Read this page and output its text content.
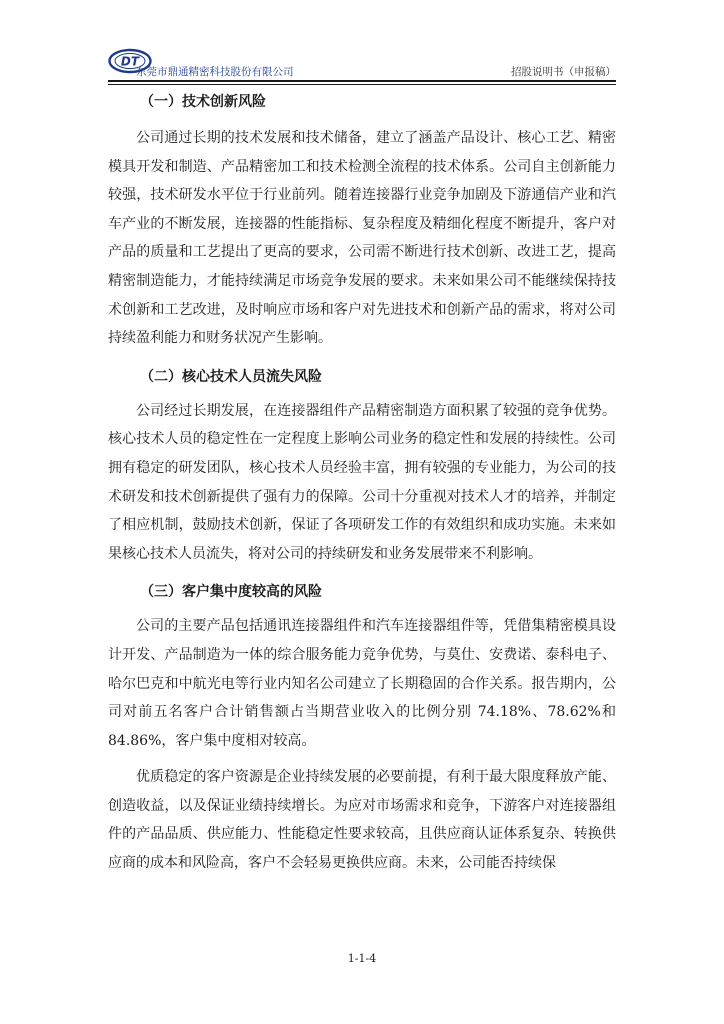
DT
东莞市鼎通精密科技股份有限公司	招股说明书（申报稿）
（一）技术创新风险

公司通过长期的技术发展和技术储备，建立了涵盖产品设计、核心工艺、精密模具开发和制造、产品精密加工和技术检测全流程的技术体系。公司自主创新能力较强，技术研发水平位于行业前列。随着连接器行业竞争加剧及下游通信产业和汽车产业的不断发展，连接器的性能指标、复杂程度及精细化程度不断提升，客户对产品的质量和工艺提出了更高的要求，公司需不断进行技术创新、改进工艺，提高精密制造能力，才能持续满足市场竞争发展的要求。未来如果公司不能继续保持技术创新和工艺改进，及时响应市场和客户对先进技术和创新产品的需求，将对公司持续盈利能力和财务状况产生影响。

（二）核心技术人员流失风险

公司经过长期发展，在连接器组件产品精密制造方面积累了较强的竞争优势。核心技术人员的稳定性在一定程度上影响公司业务的稳定性和发展的持续性。公司拥有稳定的研发团队，核心技术人员经验丰富，拥有较强的专业能力，为公司的技术研发和技术创新提供了强有力的保障。公司十分重视对技术人才的培养，并制定了相应机制，鼓励技术创新，保证了各项研发工作的有效组织和成功实施。未来如果核心技术人员流失，将对公司的持续研发和业务发展带来不利影响。

（三）客户集中度较高的风险

公司的主要产品包括通讯连接器组件和汽车连接器组件等，凭借集精密模具设计开发、产品制造为一体的综合服务能力竞争优势，与莫仕、安费诺、泰科电子、哈尔巴克和中航光电等行业内知名公司建立了长期稳固的合作关系。报告期内，公司对前五名客户合计销售额占当期营业收入的比例分别 74.18%、78.62%和 84.86%，客户集中度相对较高。

优质稳定的客户资源是企业持续发展的必要前提，有利于最大限度释放产能、创造收益，以及保证业绩持续增长。为应对市场需求和竞争，下游客户对连接器组件的产品品质、供应能力、性能稳定性要求较高，且供应商认证体系复杂、转换供应商的成本和风险高，客户不会轻易更换供应商。未来，公司能否持续保

1-1-4
